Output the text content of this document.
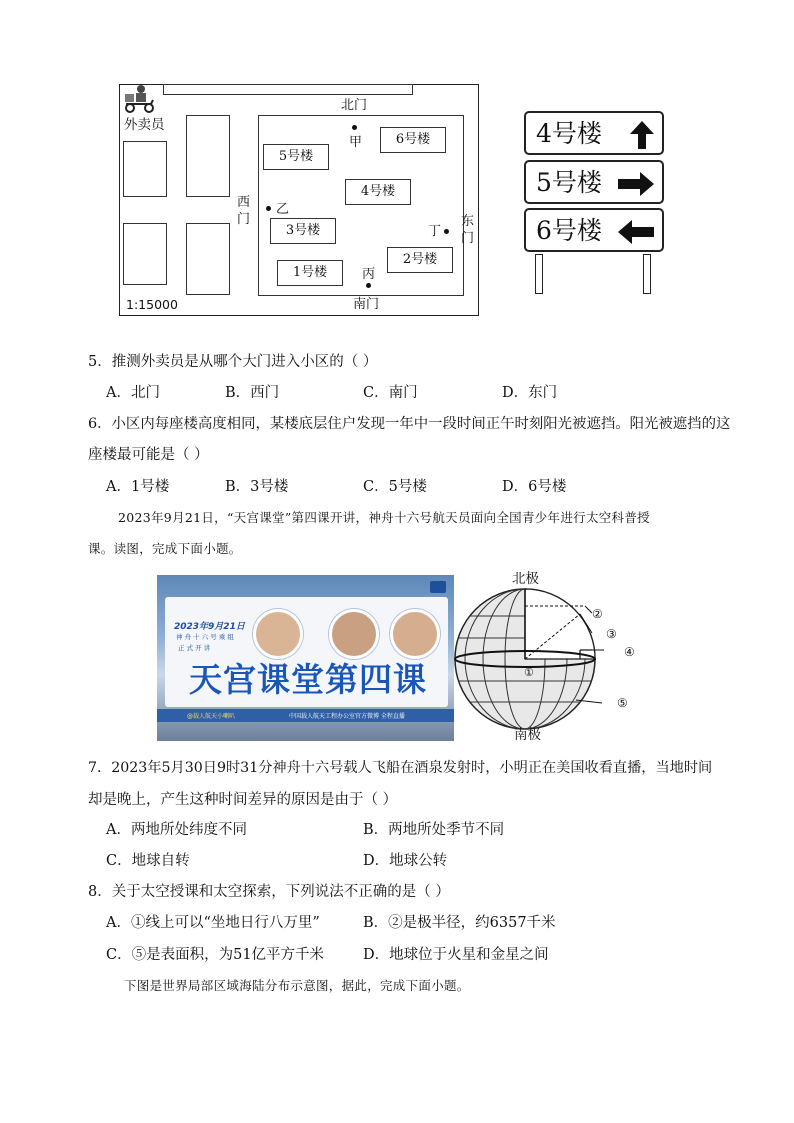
外卖员
北门
甲
5号楼
6号楼
4号楼
3号楼
1号楼
2号楼
西门
乙
东门
丁
丙
南门
1:15000
4号楼
5号楼
6号楼
5．推测外卖员是从哪个大门进入小区的（ ）
A．北门	B．西门	C．南门	D．东门
6．小区内每座楼高度相同，某楼底层住户发现一年中一段时间正午时刻阳光被遮挡。阳光被遮挡的这
座楼最可能是（ ）
A．1号楼	B．3号楼	C．5号楼	D．6号楼
2023年9月21日，“天宫课堂”第四课开讲，神舟十六号航天员面向全国青少年进行太空科普授
课。读图，完成下面小题。
2023年9月21日
神 舟 十 六 号 乘 组
正 式 开 讲
天宫课堂第四课
@载人航天小喇叭	中国载人航天工程办公室官方微博 全程直播
北极
①
②
③
④
⑤
南极
7．2023年5月30日9时31分神舟十六号载人飞船在酒泉发射时，小明正在美国收看直播，当地时间
却是晚上，产生这种时间差异的原因是由于（ ）
A．两地所处纬度不同	B．两地所处季节不同
C．地球自转	D．地球公转
8．关于太空授课和太空探索，下列说法不正确的是（ ）
A．①线上可以“坐地日行八万里”	B．②是极半径，约6357千米
C．⑤是表面积，为51亿平方千米	D．地球位于火星和金星之间
下图是世界局部区域海陆分布示意图，据此，完成下面小题。
